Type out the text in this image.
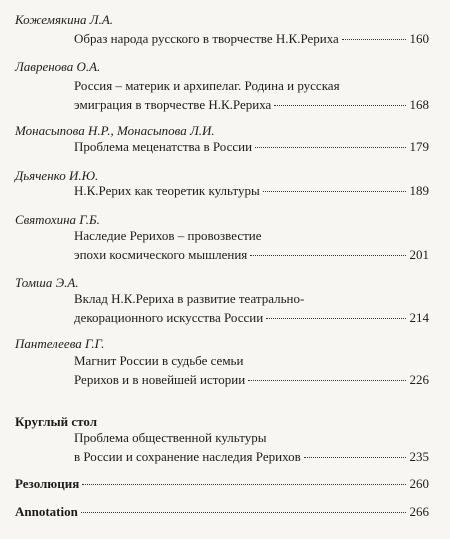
Кожемякина Л.А.
Образ народа русского в творчестве Н.К.Рериха	160
Лавренова О.А.
Россия – материк и архипелаг. Родина и русская
эмиграция в творчестве Н.К.Рериха	168
Монасыпова Н.Р., Монасыпова Л.И.
Проблема меценатства в России	179
Дьяченко И.Ю.
Н.К.Рерих как теоретик культуры	189
Святохина Г.Б.
Наследие Рерихов – провозвестие
эпохи космического мышления	201
Томша Э.А.
Вклад Н.К.Рериха в развитие театрально-
декорационного искусства России	214
Пантелеева Г.Г.
Магнит России в судьбе семьи
Рерихов и в новейшей истории	226
Круглый стол
Проблема общественной культуры
в России и сохранение наследия Рерихов	235
Резолюция	260
Annotation	266
